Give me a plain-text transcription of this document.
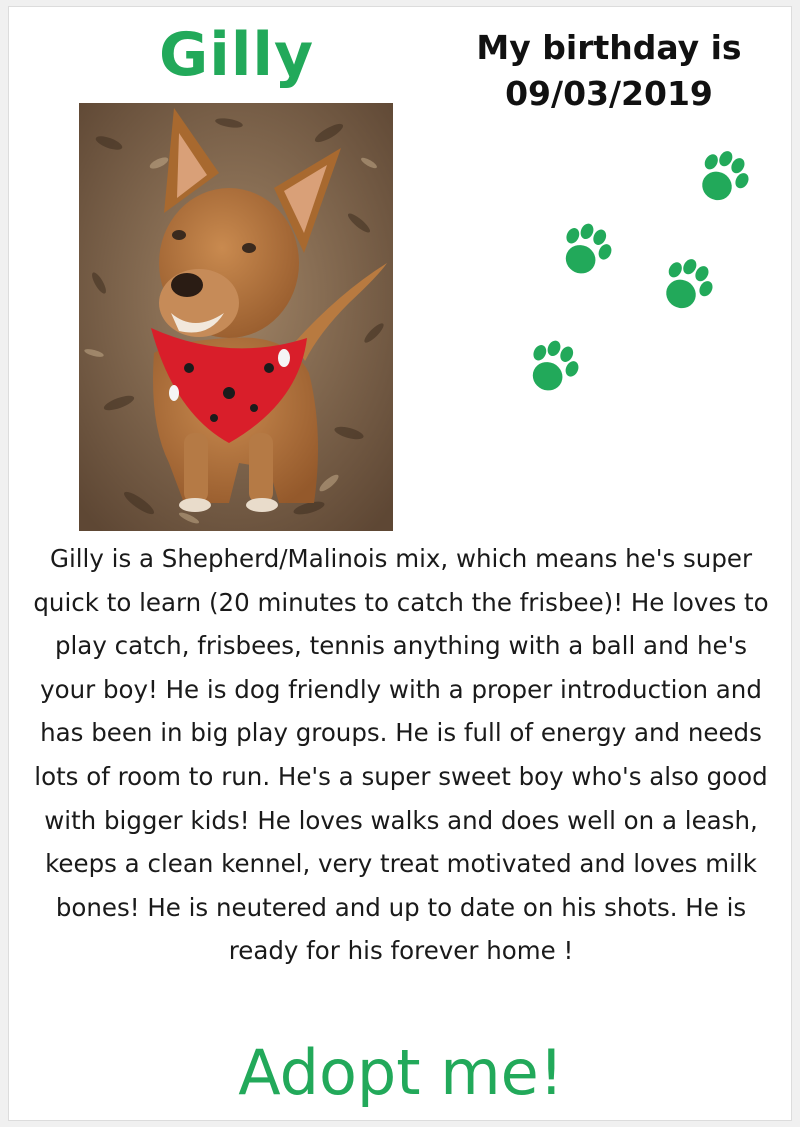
Gilly	My birthday is
09/03/2019

Gilly is a Shepherd/Malinois mix, which means he's super quick to learn (20 minutes to catch the frisbee)! He loves to play catch, frisbees, tennis anything with a ball and he's your boy! He is dog friendly with a proper introduction and has been in big play groups. He is full of energy and needs lots of room to run. He's a super sweet boy who's also good with bigger kids! He loves walks and does well on a leash, keeps a clean kennel, very treat motivated and loves milk bones! He is neutered and up to date on his shots. He is ready for his forever home !

Adopt me!
